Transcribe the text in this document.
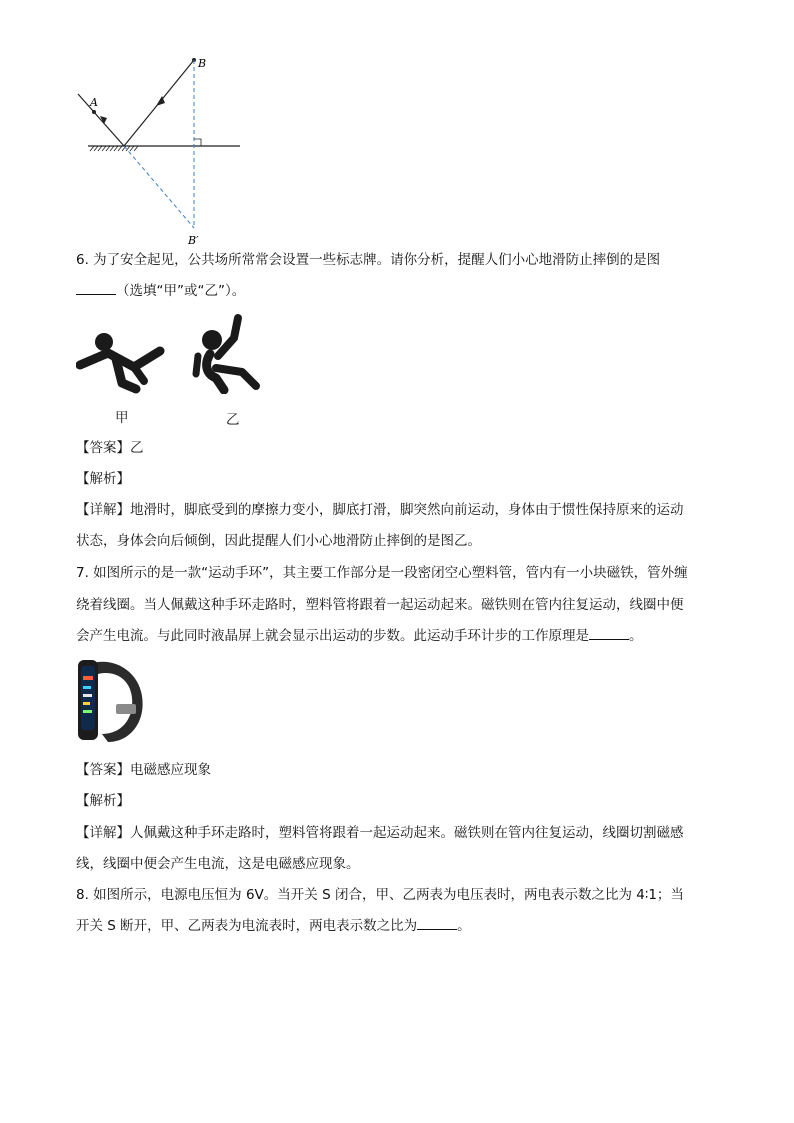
A
B
B′
6. 为了安全起见，公共场所常常会设置一些标志牌。请你分析，提醒人们小心地滑防止摔倒的是图
（选填“甲”或“乙”）。
甲	乙
【答案】乙
【解析】
【详解】地滑时，脚底受到的摩擦力变小，脚底打滑，脚突然向前运动，身体由于惯性保持原来的运动
状态，身体会向后倾倒，因此提醒人们小心地滑防止摔倒的是图乙。
7. 如图所示的是一款“运动手环”，其主要工作部分是一段密闭空心塑料管，管内有一小块磁铁，管外缠
绕着线圈。当人佩戴这种手环走路时，塑料管将跟着一起运动起来。磁铁则在管内往复运动，线圈中便
会产生电流。与此同时液晶屏上就会显示出运动的步数。此运动手环计步的工作原理是	。
【答案】电磁感应现象
【解析】
【详解】人佩戴这种手环走路时，塑料管将跟着一起运动起来。磁铁则在管内往复运动，线圈切割磁感
线，线圈中便会产生电流，这是电磁感应现象。
8. 如图所示，电源电压恒为 6V。当开关 S 闭合，甲、乙两表为电压表时，两电表示数之比为 4∶1；当
开关 S 断开，甲、乙两表为电流表时，两电表示数之比为	。
